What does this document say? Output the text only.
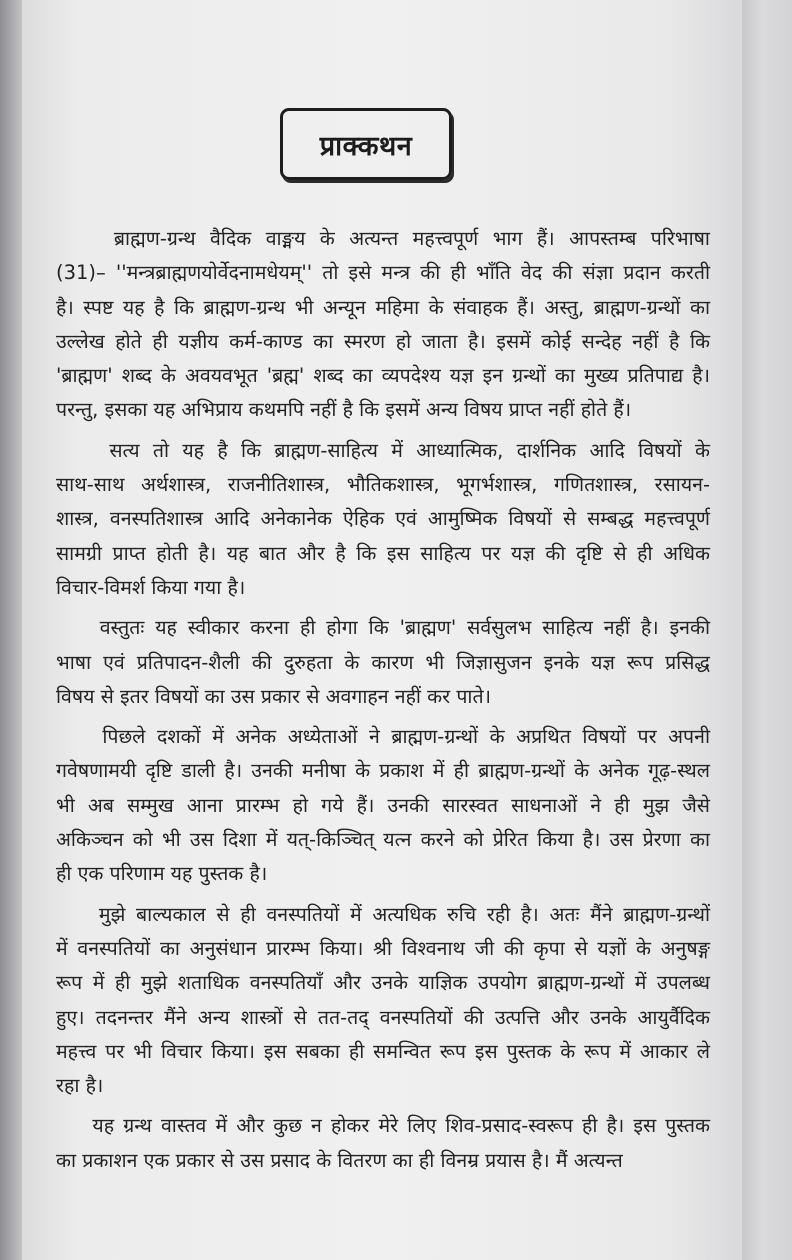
प्राक्कथन
ब्राह्मण-ग्रन्थ वैदिक वाङ्मय के अत्यन्त महत्त्वपूर्ण भाग हैं। आपस्तम्ब परिभाषा
(31)– ''मन्त्रब्राह्मणयोर्वेदनामधेयम्'' तो इसे मन्त्र की ही भाँति वेद की संज्ञा प्रदान करती
है। स्पष्ट यह है कि ब्राह्मण-ग्रन्थ भी अन्यून महिमा के संवाहक हैं। अस्तु, ब्राह्मण-ग्रन्थों का
उल्लेख होते ही यज्ञीय कर्म-काण्ड का स्मरण हो जाता है। इसमें कोई सन्देह नहीं है कि
'ब्राह्मण' शब्द के अवयवभूत 'ब्रह्म' शब्द का व्यपदेश्य यज्ञ इन ग्रन्थों का मुख्य प्रतिपाद्य है।
परन्तु, इसका यह अभिप्राय कथमपि नहीं है कि इसमें अन्य विषय प्राप्त नहीं होते हैं।
सत्य तो यह है कि ब्राह्मण-साहित्य में आध्यात्मिक, दार्शनिक आदि विषयों के
साथ-साथ अर्थशास्त्र, राजनीतिशास्त्र, भौतिकशास्त्र, भूगर्भशास्त्र, गणितशास्त्र, रसायन-
शास्त्र, वनस्पतिशास्त्र आदि अनेकानेक ऐहिक एवं आमुष्मिक विषयों से सम्बद्ध महत्त्वपूर्ण
सामग्री प्राप्त होती है। यह बात और है कि इस साहित्य पर यज्ञ की दृष्टि से ही अधिक
विचार-विमर्श किया गया है।
वस्तुतः यह स्वीकार करना ही होगा कि 'ब्राह्मण' सर्वसुलभ साहित्य नहीं है। इनकी
भाषा एवं प्रतिपादन-शैली की दुरुहता के कारण भी जिज्ञासुजन इनके यज्ञ रूप प्रसिद्ध
विषय से इतर विषयों का उस प्रकार से अवगाहन नहीं कर पाते।
पिछले दशकों में अनेक अध्येताओं ने ब्राह्मण-ग्रन्थों के अप्रथित विषयों पर अपनी
गवेषणामयी दृष्टि डाली है। उनकी मनीषा के प्रकाश में ही ब्राह्मण-ग्रन्थों के अनेक गूढ़-स्थल
भी अब सम्मुख आना प्रारम्भ हो गये हैं। उनकी सारस्वत साधनाओं ने ही मुझ जैसे
अकिञ्चन को भी उस दिशा में यत्-किञ्चित् यत्न करने को प्रेरित किया है। उस प्रेरणा का
ही एक परिणाम यह पुस्तक है।
मुझे बाल्यकाल से ही वनस्पतियों में अत्यधिक रुचि रही है। अतः मैंने ब्राह्मण-ग्रन्थों
में वनस्पतियों का अनुसंधान प्रारम्भ किया। श्री विश्वनाथ जी की कृपा से यज्ञों के अनुषङ्ग
रूप में ही मुझे शताधिक वनस्पतियाँ और उनके याज्ञिक उपयोग ब्राह्मण-ग्रन्थों में उपलब्ध
हुए। तदनन्तर मैंने अन्य शास्त्रों से तत-तद् वनस्पतियों की उत्पत्ति और उनके आयुर्वैदिक
महत्त्व पर भी विचार किया। इस सबका ही समन्वित रूप इस पुस्तक के रूप में आकार ले
रहा है।
यह ग्रन्थ वास्तव में और कुछ न होकर मेरे लिए शिव-प्रसाद-स्वरूप ही है। इस पुस्तक
का प्रकाशन एक प्रकार से उस प्रसाद के वितरण का ही विनम्र प्रयास है। मैं अत्यन्त
